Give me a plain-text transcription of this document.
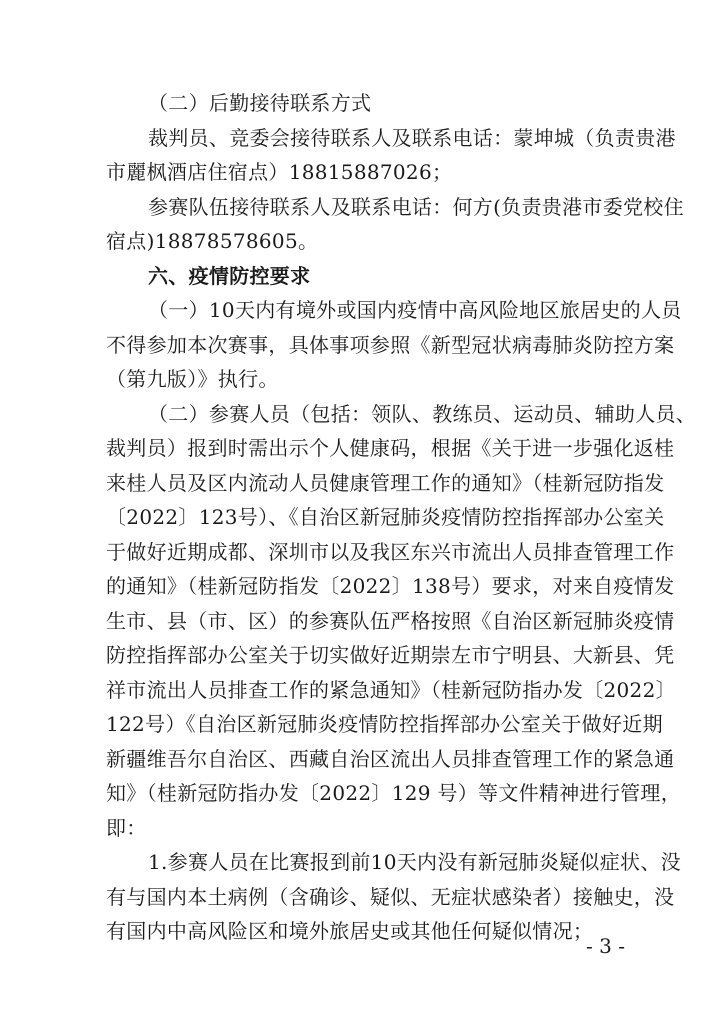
（二）后勤接待联系方式

裁判员、竞委会接待联系人及联系电话：蒙坤城（负责贵港
市麗枫酒店住宿点）18815887026；

参赛队伍接待联系人及联系电话：何方(负责贵港市委党校住
宿点)18878578605。

六、疫情防控要求

（一）10天内有境外或国内疫情中高风险地区旅居史的人员
不得参加本次赛事，具体事项参照《新型冠状病毒肺炎防控方案
（第九版）》执行。

（二）参赛人员（包括：领队、教练员、运动员、辅助人员、
裁判员）报到时需出示个人健康码，根据《关于进一步强化返桂
来桂人员及区内流动人员健康管理工作的通知》（桂新冠防指发
〔2022〕123号）、《自治区新冠肺炎疫情防控指挥部办公室关
于做好近期成都、深圳市以及我区东兴市流出人员排查管理工作
的通知》（桂新冠防指发〔2022〕138号）要求，对来自疫情发
生市、县（市、区）的参赛队伍严格按照《自治区新冠肺炎疫情
防控指挥部办公室关于切实做好近期崇左市宁明县、大新县、凭
祥市流出人员排查工作的紧急通知》（桂新冠防指办发〔2022〕
122号）《自治区新冠肺炎疫情防控指挥部办公室关于做好近期
新疆维吾尔自治区、西藏自治区流出人员排查管理工作的紧急通
知》（桂新冠防指办发〔2022〕129 号）等文件精神进行管理，
即：

1.参赛人员在比赛报到前10天内没有新冠肺炎疑似症状、没
有与国内本土病例（含确诊、疑似、无症状感染者）接触史，没
有国内中高风险区和境外旅居史或其他任何疑似情况；

- 3 -
